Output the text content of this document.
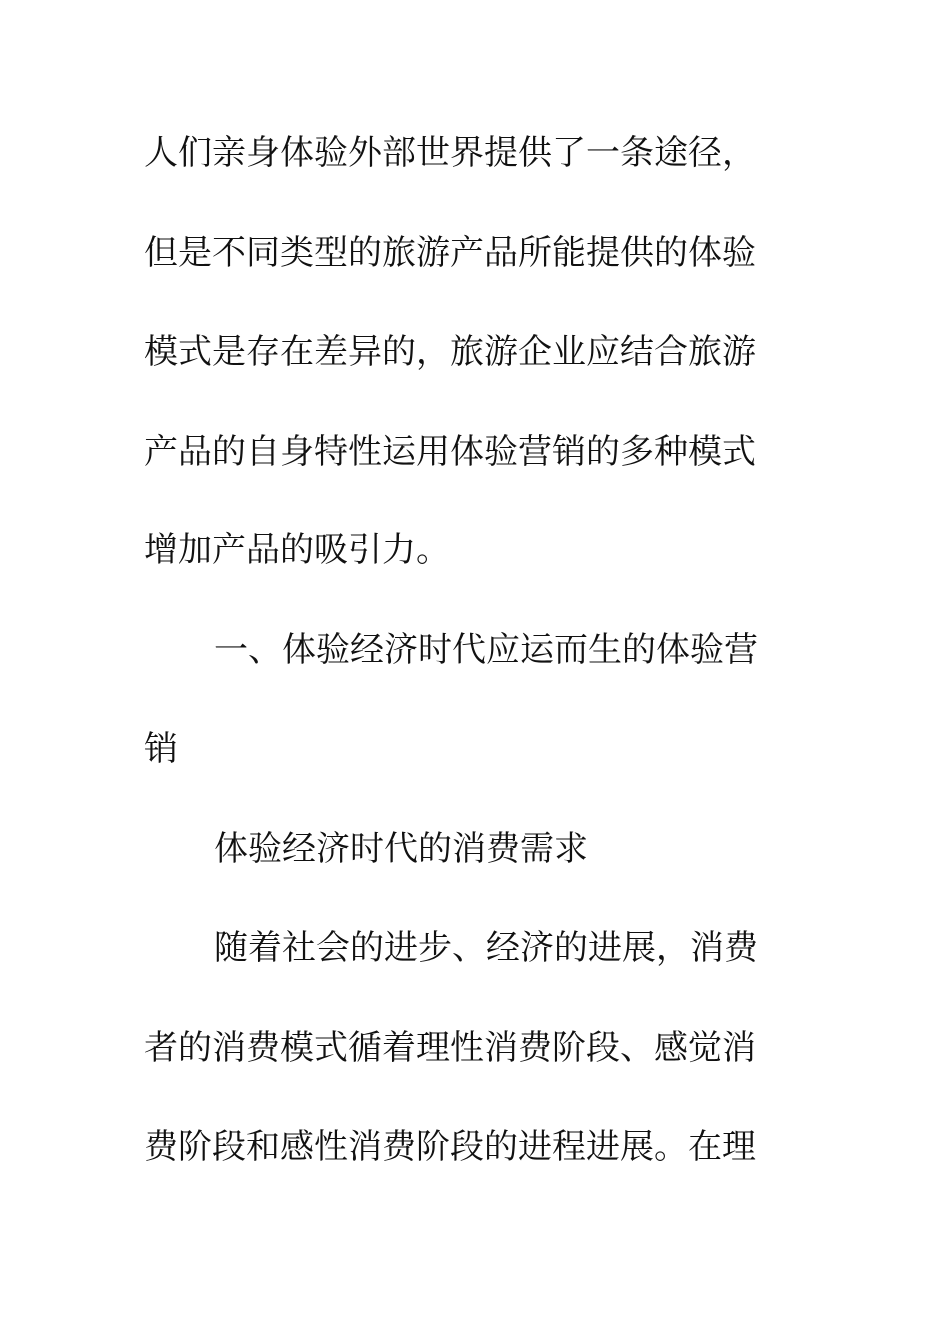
人们亲身体验外部世界提供了一条途径，
但是不同类型的旅游产品所能提供的体验
模式是存在差异的，旅游企业应结合旅游
产品的自身特性运用体验营销的多种模式
增加产品的吸引力。
一、体验经济时代应运而生的体验营
销
体验经济时代的消费需求
随着社会的进步、经济的进展，消费
者的消费模式循着理性消费阶段、感觉消
费阶段和感性消费阶段的进程进展。在理
